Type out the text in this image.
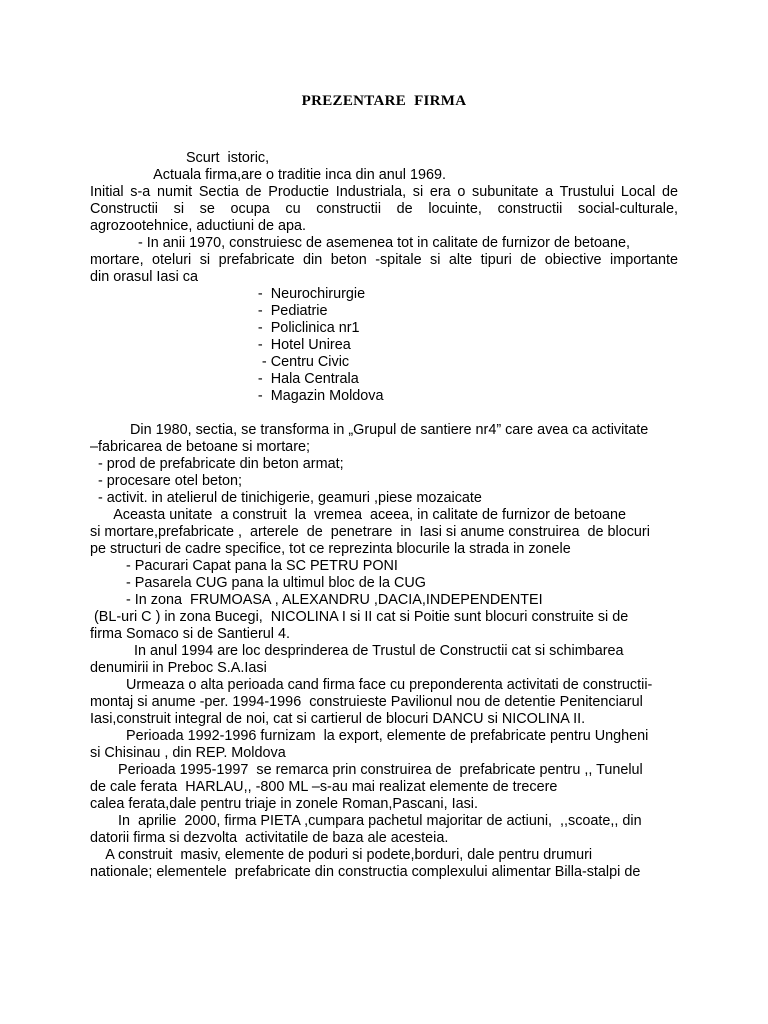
PREZENTARE FIRMA
Scurt  istoric,
Actuala firma,are o traditie inca din anul 1969.
Initial s-a numit Sectia de Productie Industriala, si era o subunitate a Trustului Local de
Constructii si se ocupa cu constructii de locuinte, constructii social-culturale,
agrozootehnice, aductiuni de apa.
- In anii 1970, construiesc de asemenea tot in calitate de furnizor de betoane,
mortare, oteluri si prefabricate din beton -spitale si alte tipuri de obiective importante
din orasul Iasi ca
-  Neurochirurgie
-  Pediatrie
-  Policlinica nr1
-  Hotel Unirea
- Centru Civic
-  Hala Centrala
-  Magazin Moldova
Din 1980, sectia, se transforma in „Grupul de santiere nr4” care avea ca activitate
–fabricarea de betoane si mortare;
- prod de prefabricate din beton armat;
- procesare otel beton;
- activit. in atelierul de tinichigerie, geamuri ,piese mozaicate
Aceasta unitate  a construit  la  vremea  aceea, in calitate de furnizor de betoane
si mortare,prefabricate ,  arterele  de  penetrare  in  Iasi si anume construirea  de blocuri
pe structuri de cadre specifice, tot ce reprezinta blocurile la strada in zonele
- Pacurari Capat pana la SC PETRU PONI
- Pasarela CUG pana la ultimul bloc de la CUG
- In zona  FRUMOASA , ALEXANDRU ,DACIA,INDEPENDENTEI
(BL-uri C ) in zona Bucegi,  NICOLINA I si II cat si Poitie sunt blocuri construite si de
firma Somaco si de Santierul 4.
In anul 1994 are loc desprinderea de Trustul de Constructii cat si schimbarea
denumirii in Preboc S.A.Iasi
Urmeaza o alta perioada cand firma face cu preponderenta activitati de constructii-
montaj si anume -per. 1994-1996  construieste Pavilionul nou de detentie Penitenciarul
Iasi,construit integral de noi, cat si cartierul de blocuri DANCU si NICOLINA II.
Perioada 1992-1996 furnizam  la export, elemente de prefabricate pentru Ungheni
si Chisinau , din REP. Moldova
Perioada 1995-1997  se remarca prin construirea de  prefabricate pentru ,, Tunelul
de cale ferata  HARLAU,, -800 ML –s-au mai realizat elemente de trecere
calea ferata,dale pentru triaje in zonele Roman,Pascani, Iasi.
In  aprilie  2000, firma PIETA ,cumpara pachetul majoritar de actiuni,  ,,scoate,, din
datorii firma si dezvolta  activitatile de baza ale acesteia.
A construit  masiv, elemente de poduri si podete,borduri, dale pentru drumuri
nationale; elementele  prefabricate din constructia complexului alimentar Billa-stalpi de
